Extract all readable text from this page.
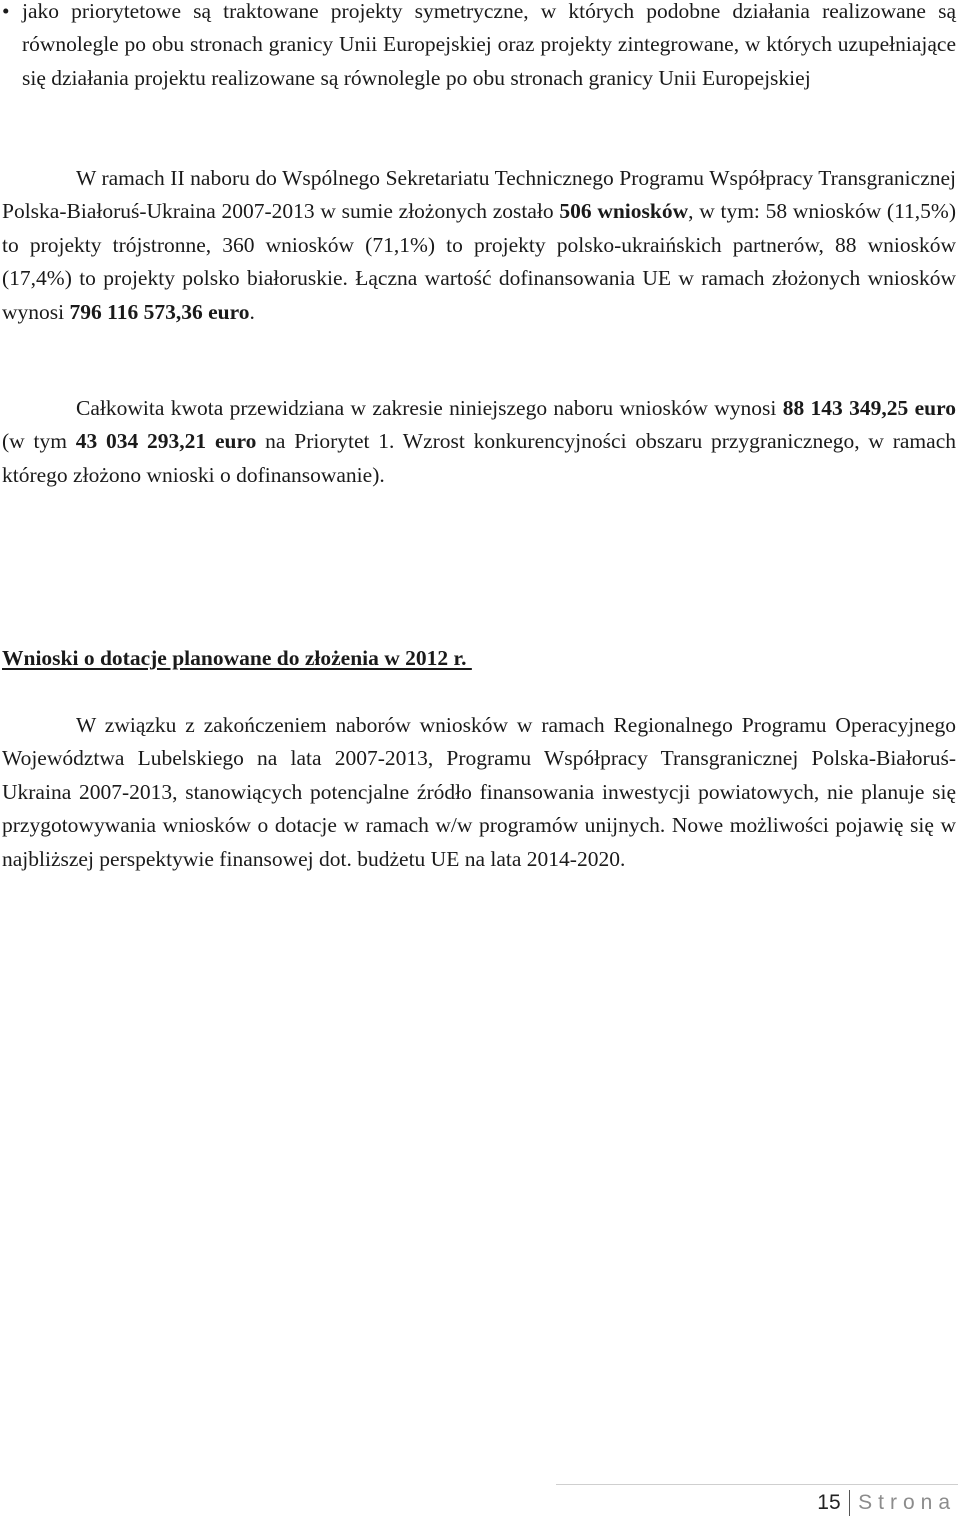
• jako priorytetowe są traktowane projekty symetryczne, w których podobne działania realizowane są równolegle po obu stronach granicy Unii Europejskiej oraz projekty zintegrowane, w których uzupełniające się działania projektu realizowane są równolegle po obu stronach granicy Unii Europejskiej

W ramach II naboru do Wspólnego Sekretariatu Technicznego Programu Współpracy Transgranicznej Polska-Białoruś-Ukraina 2007-2013 w sumie złożonych zostało 506 wniosków, w tym: 58 wniosków (11,5%) to projekty trójstronne, 360 wniosków (71,1%) to projekty polsko-ukraińskich partnerów, 88 wniosków (17,4%) to projekty polsko białoruskie. Łączna wartość dofinansowania UE w ramach złożonych wniosków wynosi 796 116 573,36 euro.

Całkowita kwota przewidziana w zakresie niniejszego naboru wniosków wynosi 88 143 349,25 euro (w tym 43 034 293,21 euro na Priorytet 1. Wzrost konkurencyjności obszaru przygranicznego, w ramach którego złożono wnioski o dofinansowanie).

Wnioski o dotacje planowane do złożenia w 2012 r.

W związku z zakończeniem naborów wniosków w ramach Regionalnego Programu Operacyjnego Województwa Lubelskiego na lata 2007-2013, Programu Współpracy Transgranicznej Polska-Białoruś-Ukraina 2007-2013, stanowiących potencjalne źródło finansowania inwestycji powiatowych, nie planuje się przygotowywania wniosków o dotacje w ramach w/w programów unijnych. Nowe możliwości pojawię się w najbliższej perspektywie finansowej dot. budżetu UE na lata 2014-2020.

15 Strona
